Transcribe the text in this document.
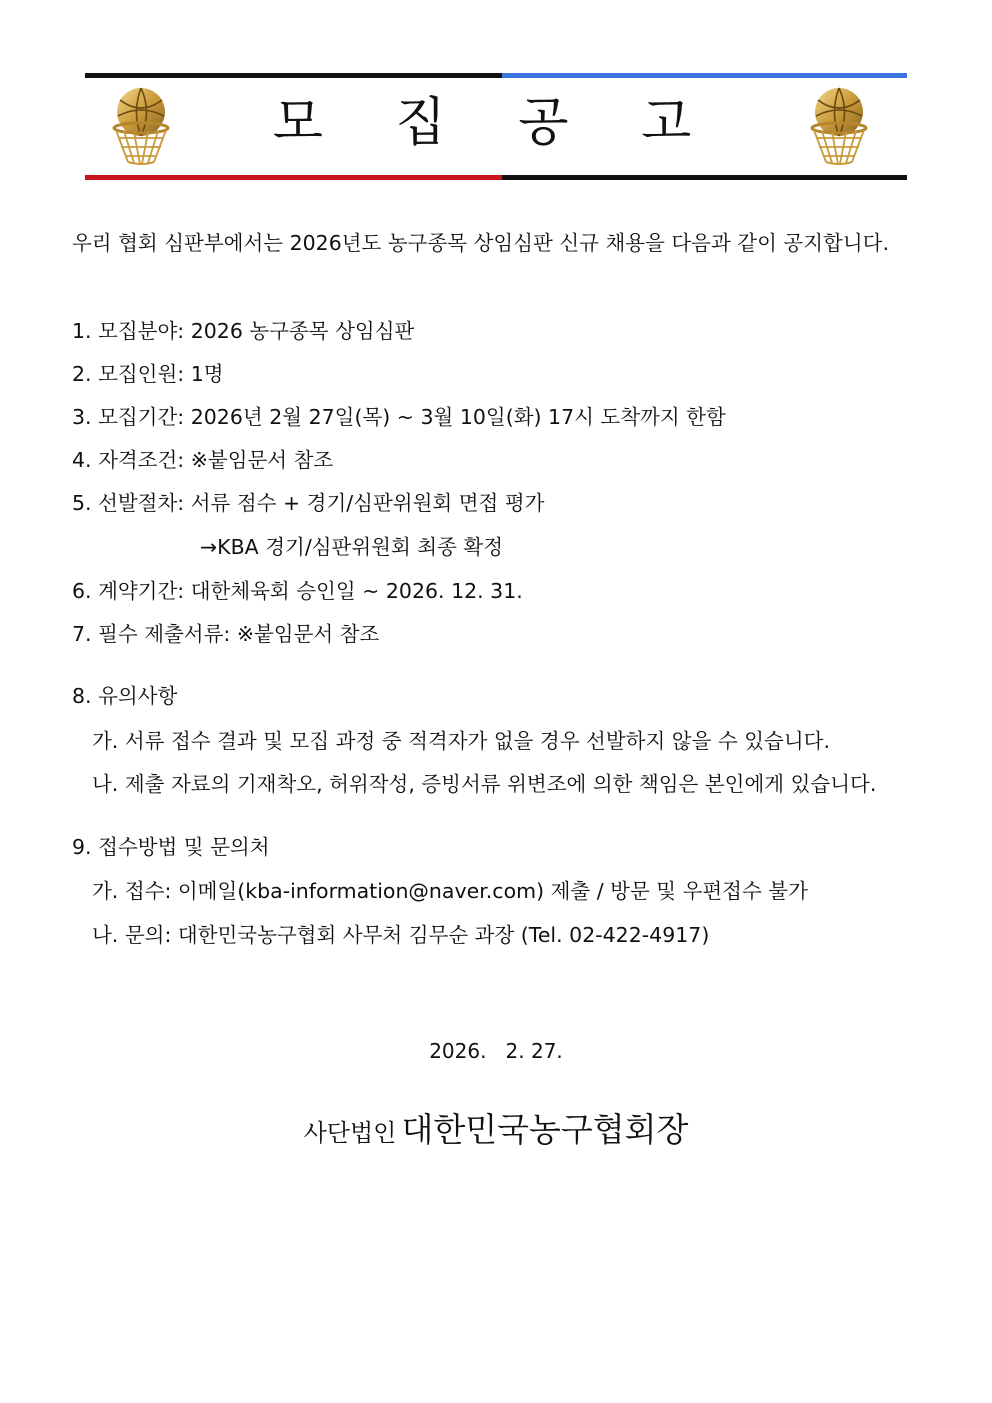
모 집 공 고
우리 협회 심판부에서는 2026년도 농구종목 상임심판 신규 채용을 다음과 같이 공지합니다.
1. 모집분야: 2026 농구종목 상임심판
2. 모집인원: 1명
3. 모집기간: 2026년 2월 27일(목) ~ 3월 10일(화) 17시 도착까지 한함
4. 자격조건: ※붙임문서 참조
5. 선발절차: 서류 점수 + 경기/심판위원회 면접 평가
→KBA 경기/심판위원회 최종 확정
6. 계약기간: 대한체육회 승인일 ~ 2026. 12. 31.
7. 필수 제출서류: ※붙임문서 참조
8. 유의사항
가. 서류 접수 결과 및 모집 과정 중 적격자가 없을 경우 선발하지 않을 수 있습니다.
나. 제출 자료의 기재착오, 허위작성, 증빙서류 위변조에 의한 책임은 본인에게 있습니다.
9. 접수방법 및 문의처
가. 접수: 이메일(kba-information@naver.com) 제출 / 방문 및 우편접수 불가
나. 문의: 대한민국농구협회 사무처 김무순 과장 (Tel. 02-422-4917)
2026.   2. 27.
사단법인 대한민국농구협회장
